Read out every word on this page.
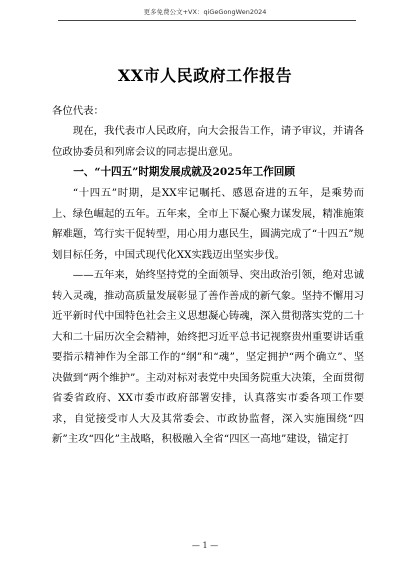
更多免费公文+VX：qiGeGongWen2024
XX市人民政府工作报告

各位代表：

现在，我代表市人民政府，向大会报告工作，请予审议，并请各位政协委员和列席会议的同志提出意见。

一、“十四五”时期发展成就及2025年工作回顾

“十四五”时期，是XX牢记嘱托、感恩奋进的五年，是乘势而上、绿色崛起的五年。五年来，全市上下凝心聚力谋发展，精准施策解难题，笃行实干促转型，用心用力惠民生，圆满完成了“十四五”规划目标任务，中国式现代化XX实践迈出坚实步伐。

——五年来，始终坚持党的全面领导、突出政治引领，绝对忠诚转入灵魂，推动高质量发展彰显了善作善成的新气象。坚持不懈用习近平新时代中国特色社会主义思想凝心铸魂，深入贯彻落实党的二十大和二十届历次全会精神，始终把习近平总书记视察贵州重要讲话重要指示精神作为全部工作的“纲”和“魂”，坚定拥护“两个确立”、坚决做到“两个维护”。主动对标对表党中央国务院重大决策，全面贯彻省委省政府、XX市委市政府部署安排，认真落实市委各项工作要求，自觉接受市人大及其常委会、市政协监督，深入实施围绕“四新”主攻“四化”主战略，积极融入全省“四区一高地”建设，锚定打

— 1 —
